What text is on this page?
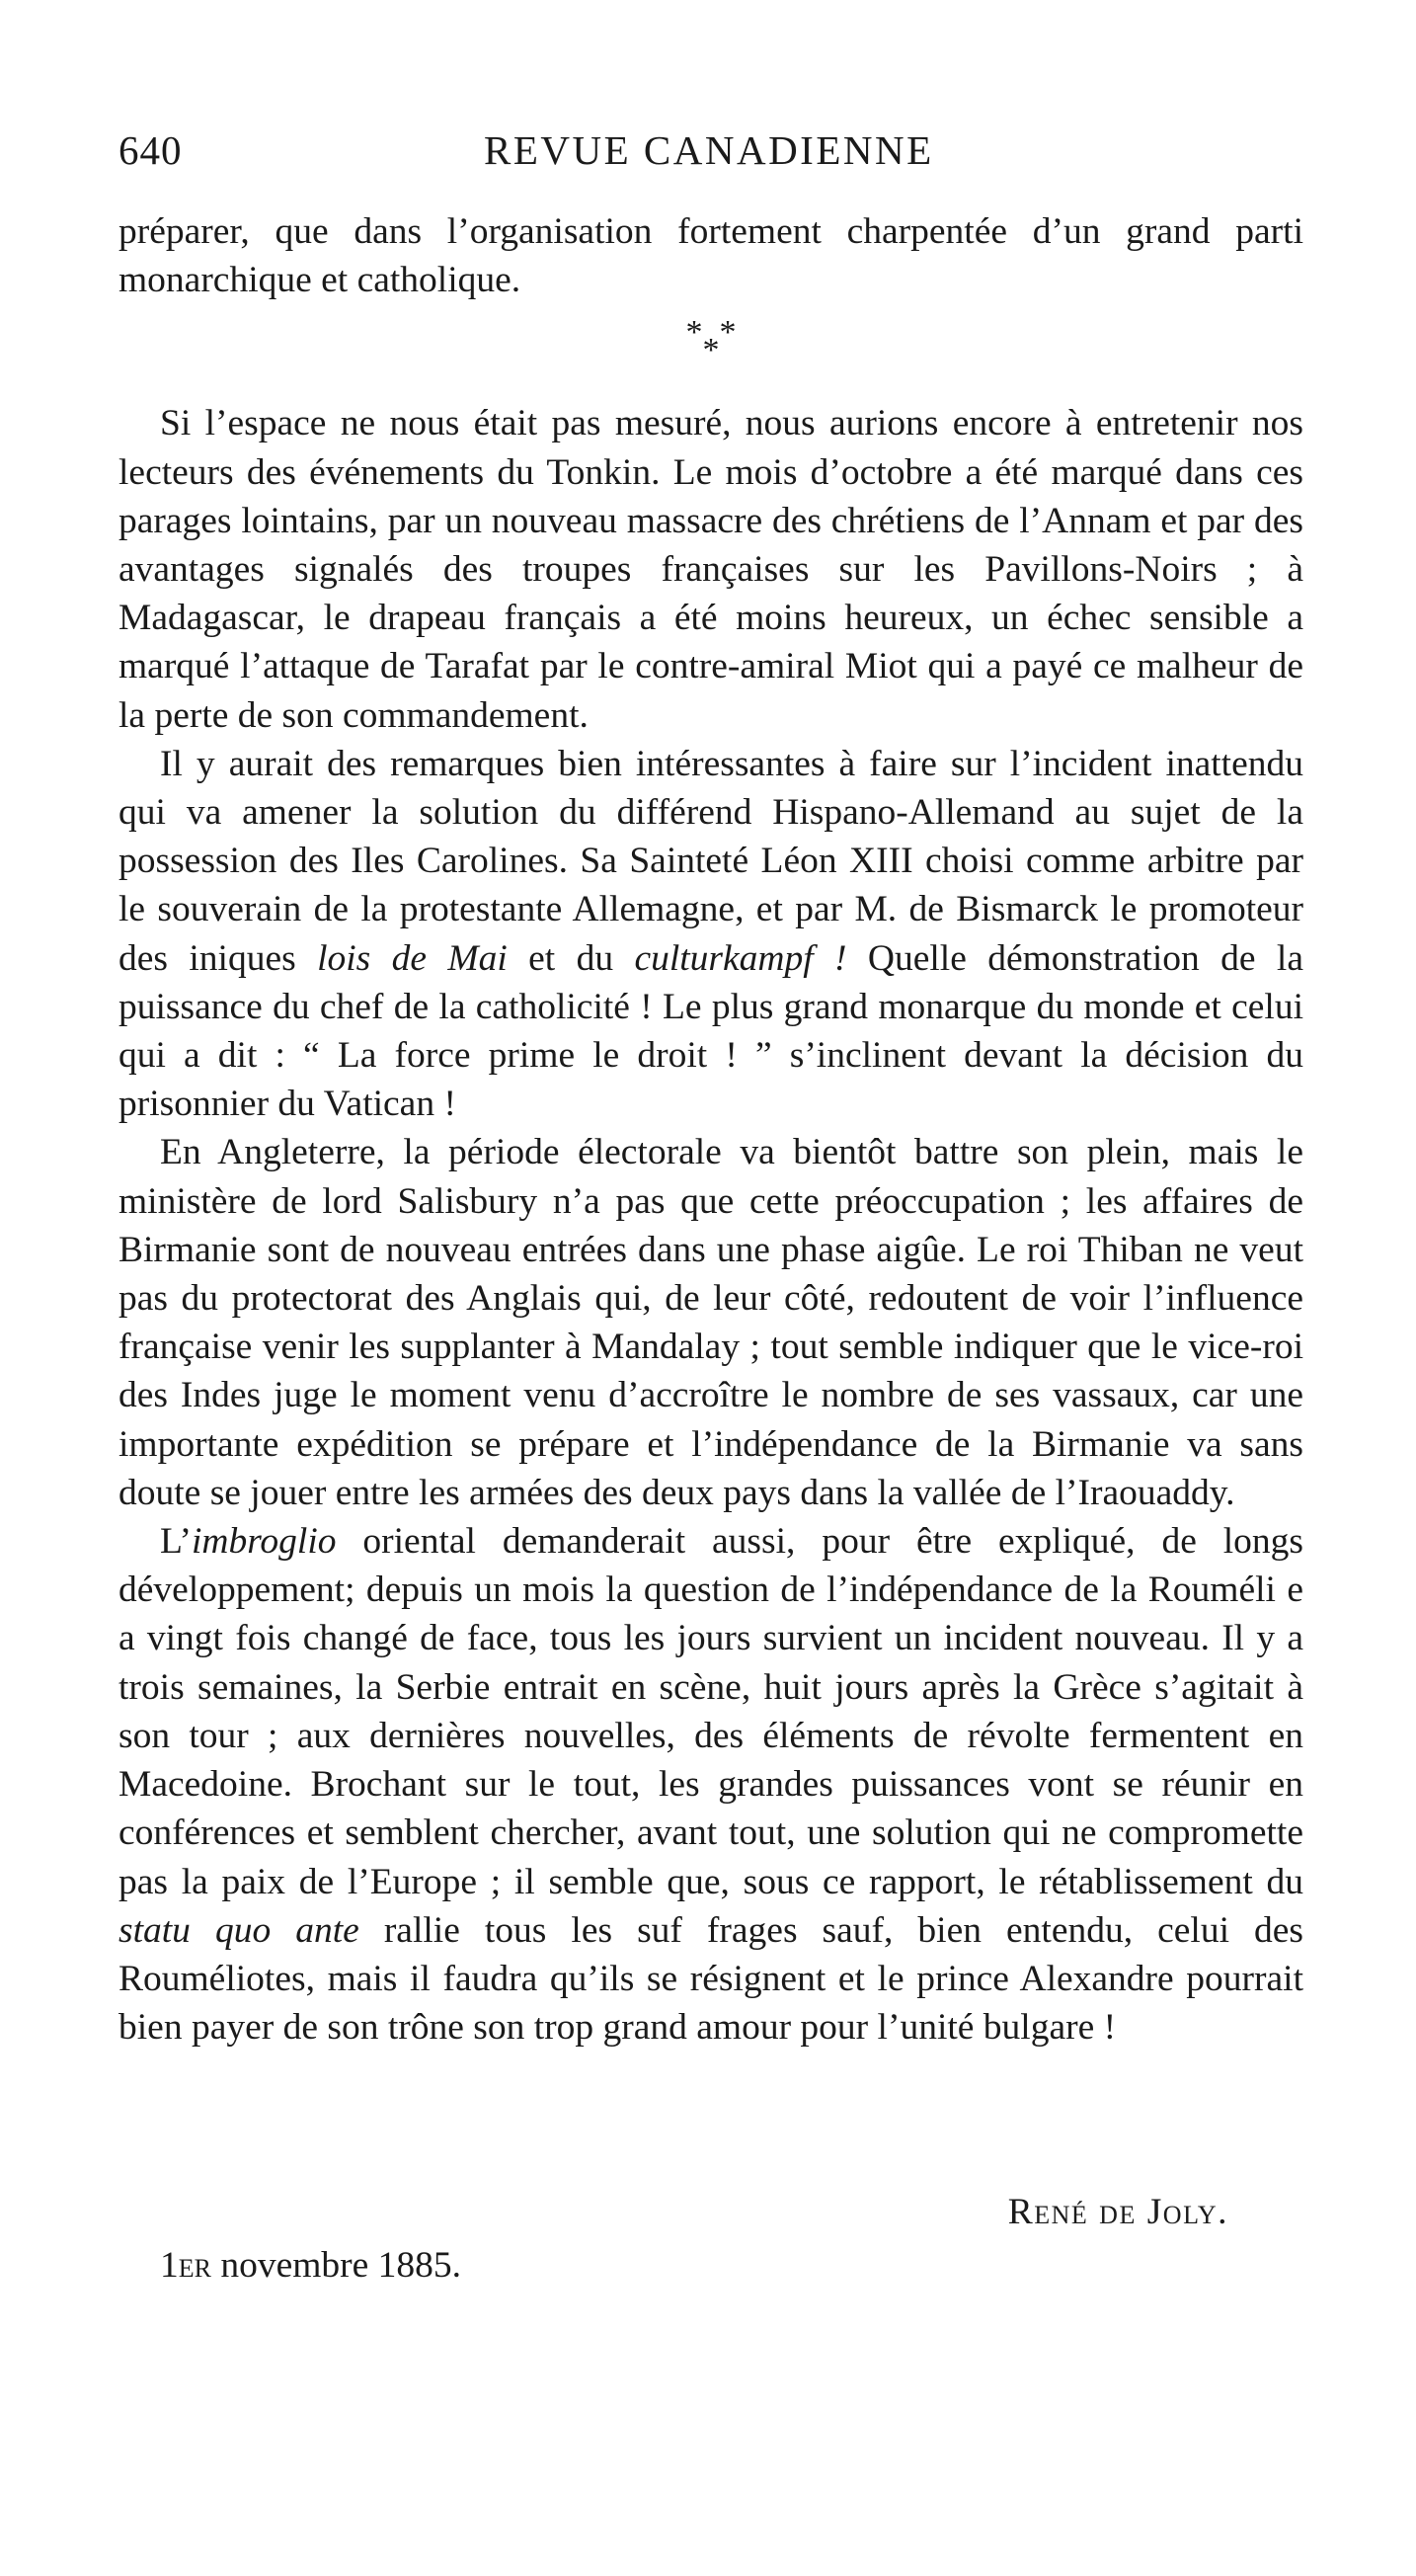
640	REVUE CANADIENNE

préparer, que dans l’organisation fortement charpentée d’un grand parti monarchique et catholique.

***

Si l’espace ne nous était pas mesuré, nous aurions encore à entretenir nos lecteurs des événements du Tonkin. Le mois d’octobre a été marqué dans ces parages lointains, par un nouveau massacre des chrétiens de l’Annam et par des avantages signalés des troupes françaises sur les Pavillons-Noirs ; à Madagascar, le drapeau français a été moins heureux, un échec sensible a marqué l’attaque de Tarafat par le contre-amiral Miot qui a payé ce malheur de la perte de son commandement.

Il y aurait des remarques bien intéressantes à faire sur l’incident inattendu qui va amener la solution du différend Hispano-Allemand au sujet de la possession des Iles Carolines. Sa Sainteté Léon XIII choisi comme arbitre par le souverain de la protestante Allemagne, et par M. de Bismarck le promoteur des iniques lois de Mai et du culturkampf ! Quelle démonstration de la puissance du chef de la catholicité ! Le plus grand monarque du monde et celui qui a dit : “ La force prime le droit ! ” s’inclinent devant la décision du prisonnier du Vatican !

En Angleterre, la période électorale va bientôt battre son plein, mais le ministère de lord Salisbury n’a pas que cette préoccupation ; les affaires de Birmanie sont de nouveau entrées dans une phase aigûe. Le roi Thiban ne veut pas du protectorat des Anglais qui, de leur côté, redoutent de voir l’influence française venir les supplanter à Mandalay ; tout semble indiquer que le vice-roi des Indes juge le moment venu d’accroître le nombre de ses vassaux, car une importante expédition se prépare et l’indépendance de la Birmanie va sans doute se jouer entre les armées des deux pays dans la vallée de l’Iraouaddy.

L’imbroglio oriental demanderait aussi, pour être expliqué, de longs développement; depuis un mois la question de l’indépendance de la Rouméli e a vingt fois changé de face, tous les jours survient un incident nouveau. Il y a trois semaines, la Serbie entrait en scène, huit jours après la Grèce s’agitait à son tour ; aux dernières nouvelles, des éléments de révolte fermentent en Macedoine. Brochant sur le tout, les grandes puissances vont se réunir en conférences et semblent chercher, avant tout, une solution qui ne compromette pas la paix de l’Europe ; il semble que, sous ce rapport, le rétablissement du statu quo ante rallie tous les suf frages sauf, bien entendu, celui des Rouméliotes, mais il faudra qu’ils se résignent et le prince Alexandre pourrait bien payer de son trône son trop grand amour pour l’unité bulgare !

René de Joly.
1er novembre 1885.
